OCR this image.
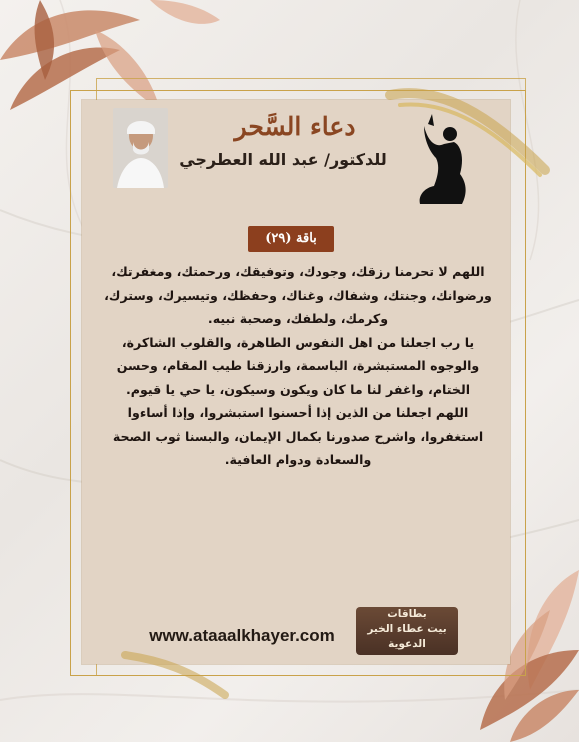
دعاء السَّحر
للدكتور/ عبد الله العطرجي
باقة (٢٩)

اللهم لا تحرمنا رزقك، وجودك، وتوفيقك، ورحمتك، ومغفرتك، ورضوانك، وجنتك، وشفاك، وغناك، وحفظك، وتيسيرك، وسترك، وكرمك، ولطفك، وصحبة نبيه.

يا رب اجعلنا من اهل النفوس الطاهرة، والقلوب الشاكرة، والوجوه المستبشرة، الباسمة، وارزقنا طيب المقام، وحسن الختام، واغفر لنا ما كان ويكون وسيكون، يا حي يا قيوم.

اللهم اجعلنا من الذين إذا أحسنوا استبشروا، وإذا أساءوا استغفروا، واشرح صدورنا بكمال الإيمان، والبسنا ثوب الصحة والسعادة ودوام العافية.

www.ataaalkhayer.com
بطاقات
بيت عطاء الخير
الدعوية
